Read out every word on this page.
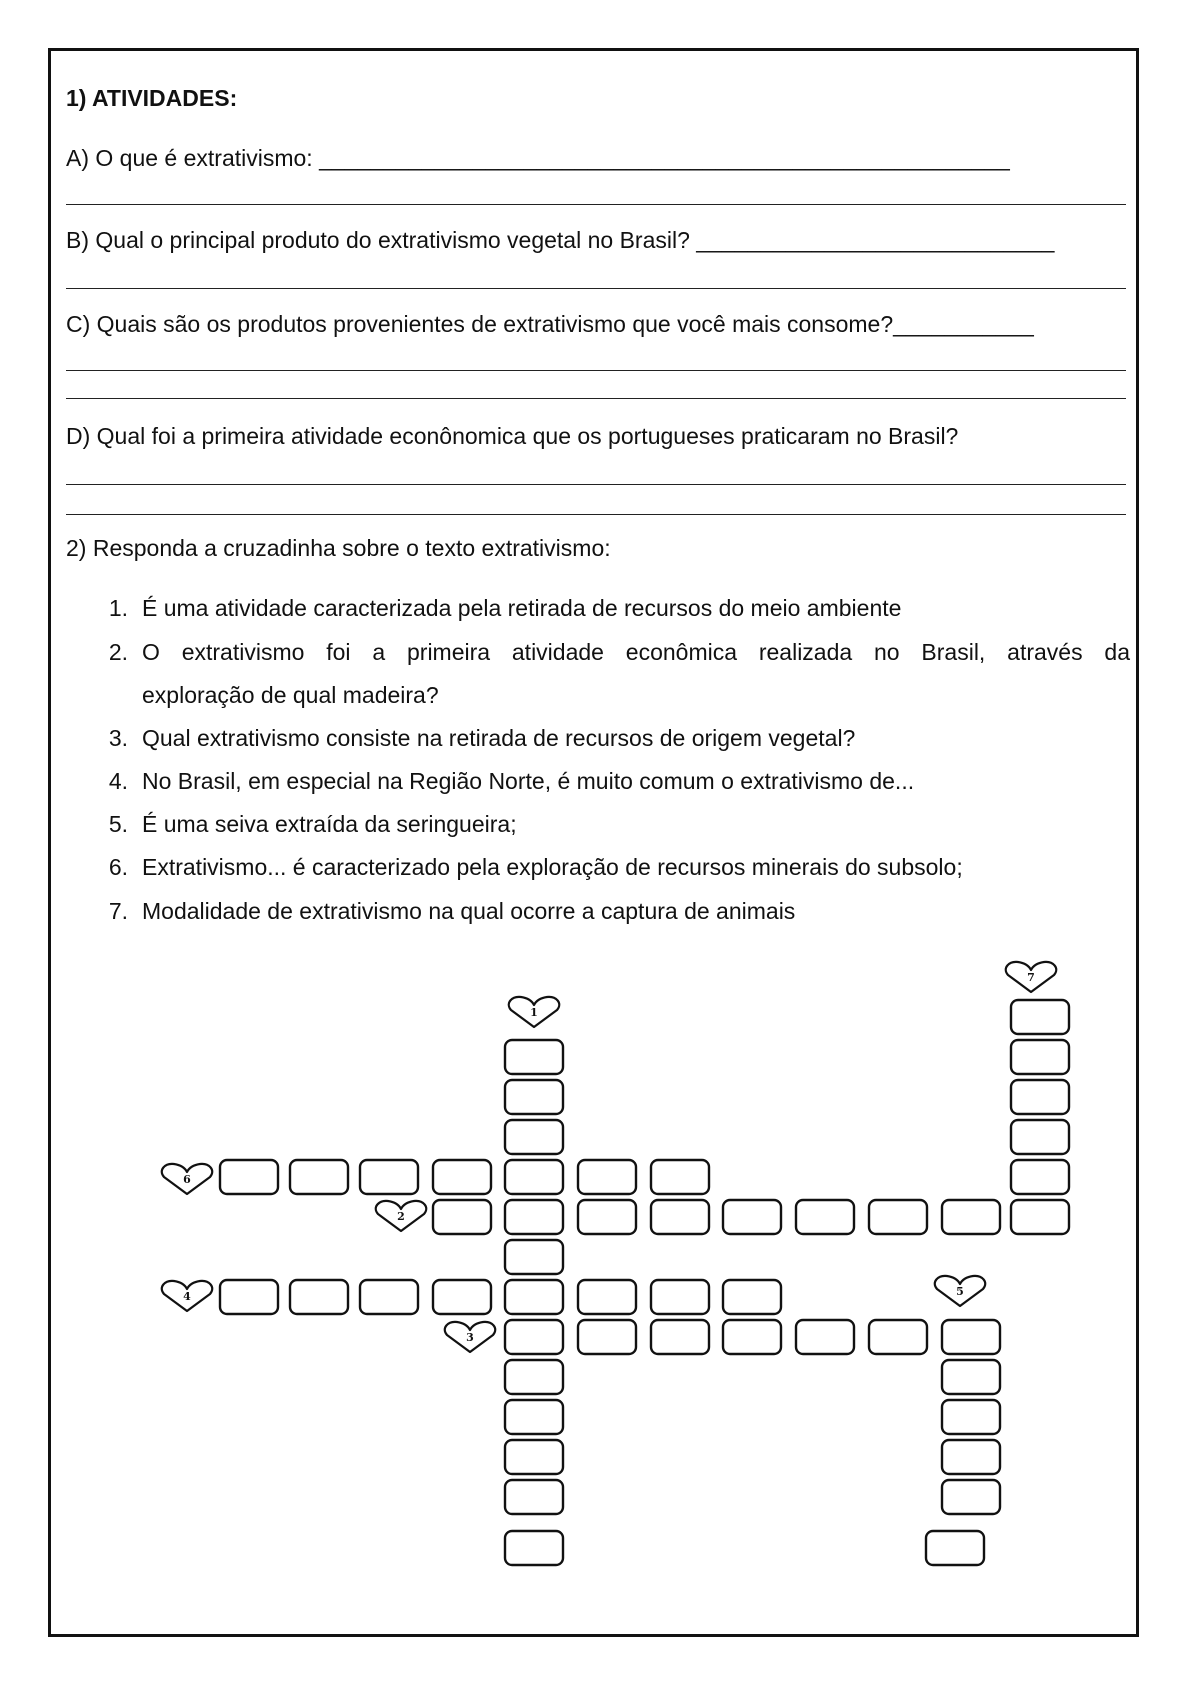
1) ATIVIDADES:
A) O que é extrativismo: ______________________________________________________
B) Qual o principal produto do extrativismo vegetal no Brasil? ____________________________
C) Quais são os produtos provenientes de extrativismo que você mais consome?___________
D) Qual foi a primeira atividade econônomica que os portugueses praticaram no Brasil?
2) Responda a cruzadinha sobre o texto extrativismo:
1. É uma atividade caracterizada pela retirada de recursos do meio ambiente
2. O extrativismo foi a primeira atividade econômica realizada no Brasil, através da
exploração de qual madeira?
3. Qual extrativismo consiste na retirada de recursos de origem vegetal?
4. No Brasil, em especial na Região Norte, é muito comum o extrativismo de...
5. É uma seiva extraída da seringueira;
6. Extrativismo... é caracterizado pela exploração de recursos minerais do subsolo;
7. Modalidade de extrativismo na qual ocorre a captura de animais
1
2
3
4	5
6
7
